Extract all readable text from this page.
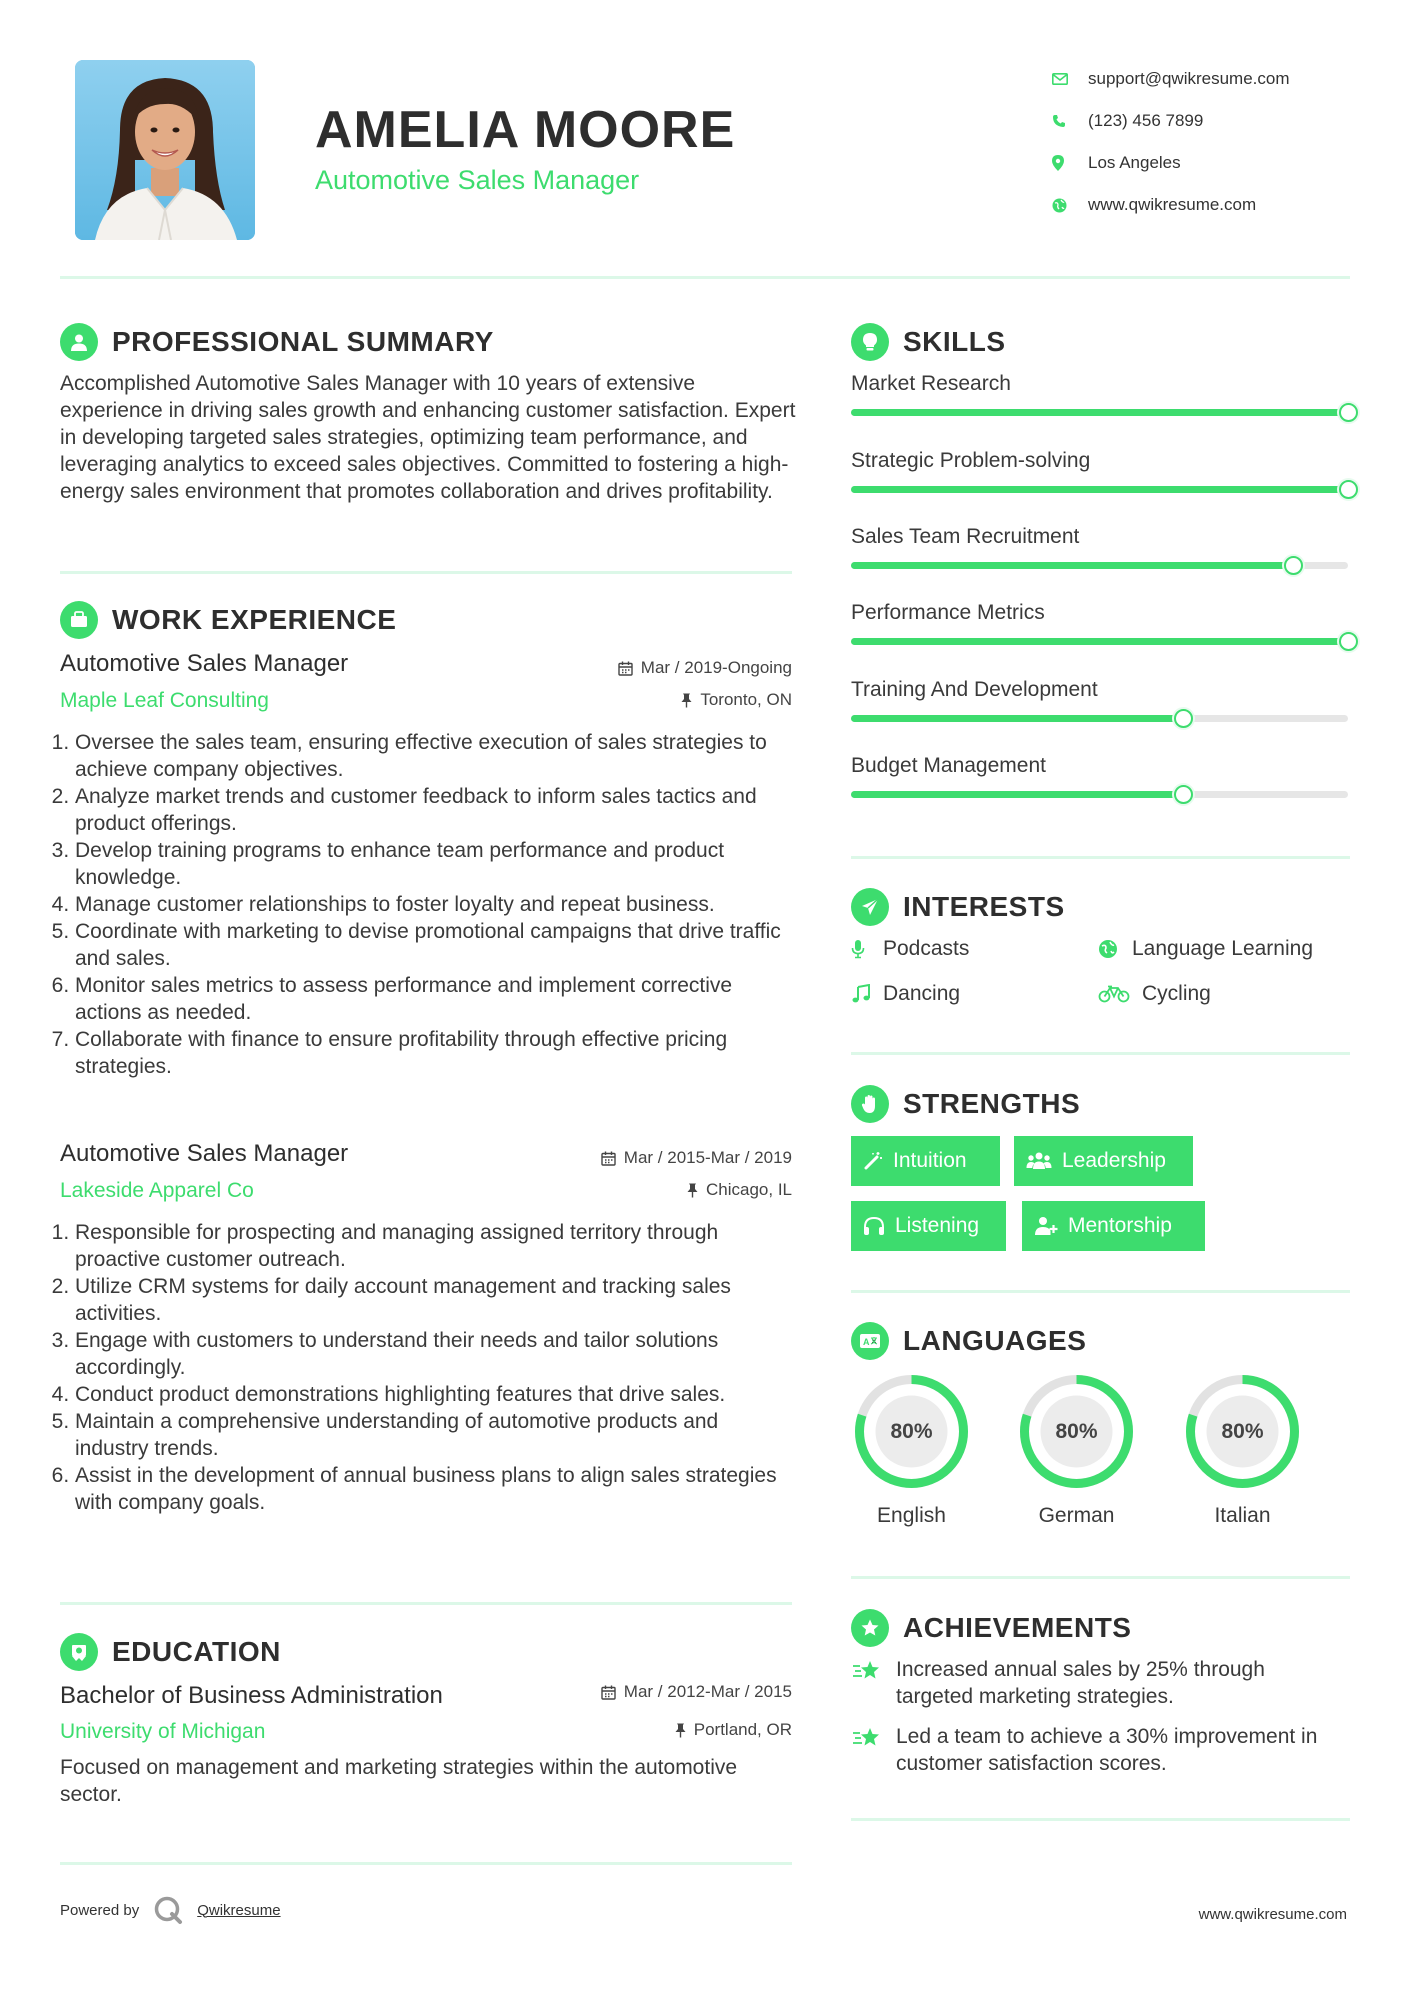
AMELIA MOORE
Automotive Sales Manager
support@qwikresume.com
(123) 456 7899
Los Angeles
www.qwikresume.com
PROFESSIONAL SUMMARY
Accomplished Automotive Sales Manager with 10 years of extensive experience in driving sales growth and enhancing customer satisfaction. Expert in developing targeted sales strategies, optimizing team performance, and leveraging analytics to exceed sales objectives. Committed to fostering a high-energy sales environment that promotes collaboration and drives profitability.
WORK EXPERIENCE
Automotive Sales Manager	Mar / 2019-Ongoing
Maple Leaf Consulting	Toronto, ON
1. Oversee the sales team, ensuring effective execution of sales strategies to achieve company objectives.
2. Analyze market trends and customer feedback to inform sales tactics and product offerings.
3. Develop training programs to enhance team performance and product knowledge.
4. Manage customer relationships to foster loyalty and repeat business.
5. Coordinate with marketing to devise promotional campaigns that drive traffic and sales.
6. Monitor sales metrics to assess performance and implement corrective actions as needed.
7. Collaborate with finance to ensure profitability through effective pricing strategies.
Automotive Sales Manager	Mar / 2015-Mar / 2019
Lakeside Apparel Co	Chicago, IL
1. Responsible for prospecting and managing assigned territory through proactive customer outreach.
2. Utilize CRM systems for daily account management and tracking sales activities.
3. Engage with customers to understand their needs and tailor solutions accordingly.
4. Conduct product demonstrations highlighting features that drive sales.
5. Maintain a comprehensive understanding of automotive products and industry trends.
6. Assist in the development of annual business plans to align sales strategies with company goals.
EDUCATION
Bachelor of Business Administration	Mar / 2012-Mar / 2015
University of Michigan	Portland, OR
Focused on management and marketing strategies within the automotive sector.
SKILLS
Market Research
Strategic Problem-solving
Sales Team Recruitment
Performance Metrics
Training And Development
Budget Management
INTERESTS
Podcasts	Language Learning
Dancing	Cycling
STRENGTHS
Intuition	Leadership
Listening	Mentorship
A LANGUAGES
80%
English
80%
German
80%
Italian
ACHIEVEMENTS
Increased annual sales by 25% through targeted marketing strategies.
Led a team to achieve a 30% improvement in customer satisfaction scores.
Powered by	Qwikresume	www.qwikresume.com
